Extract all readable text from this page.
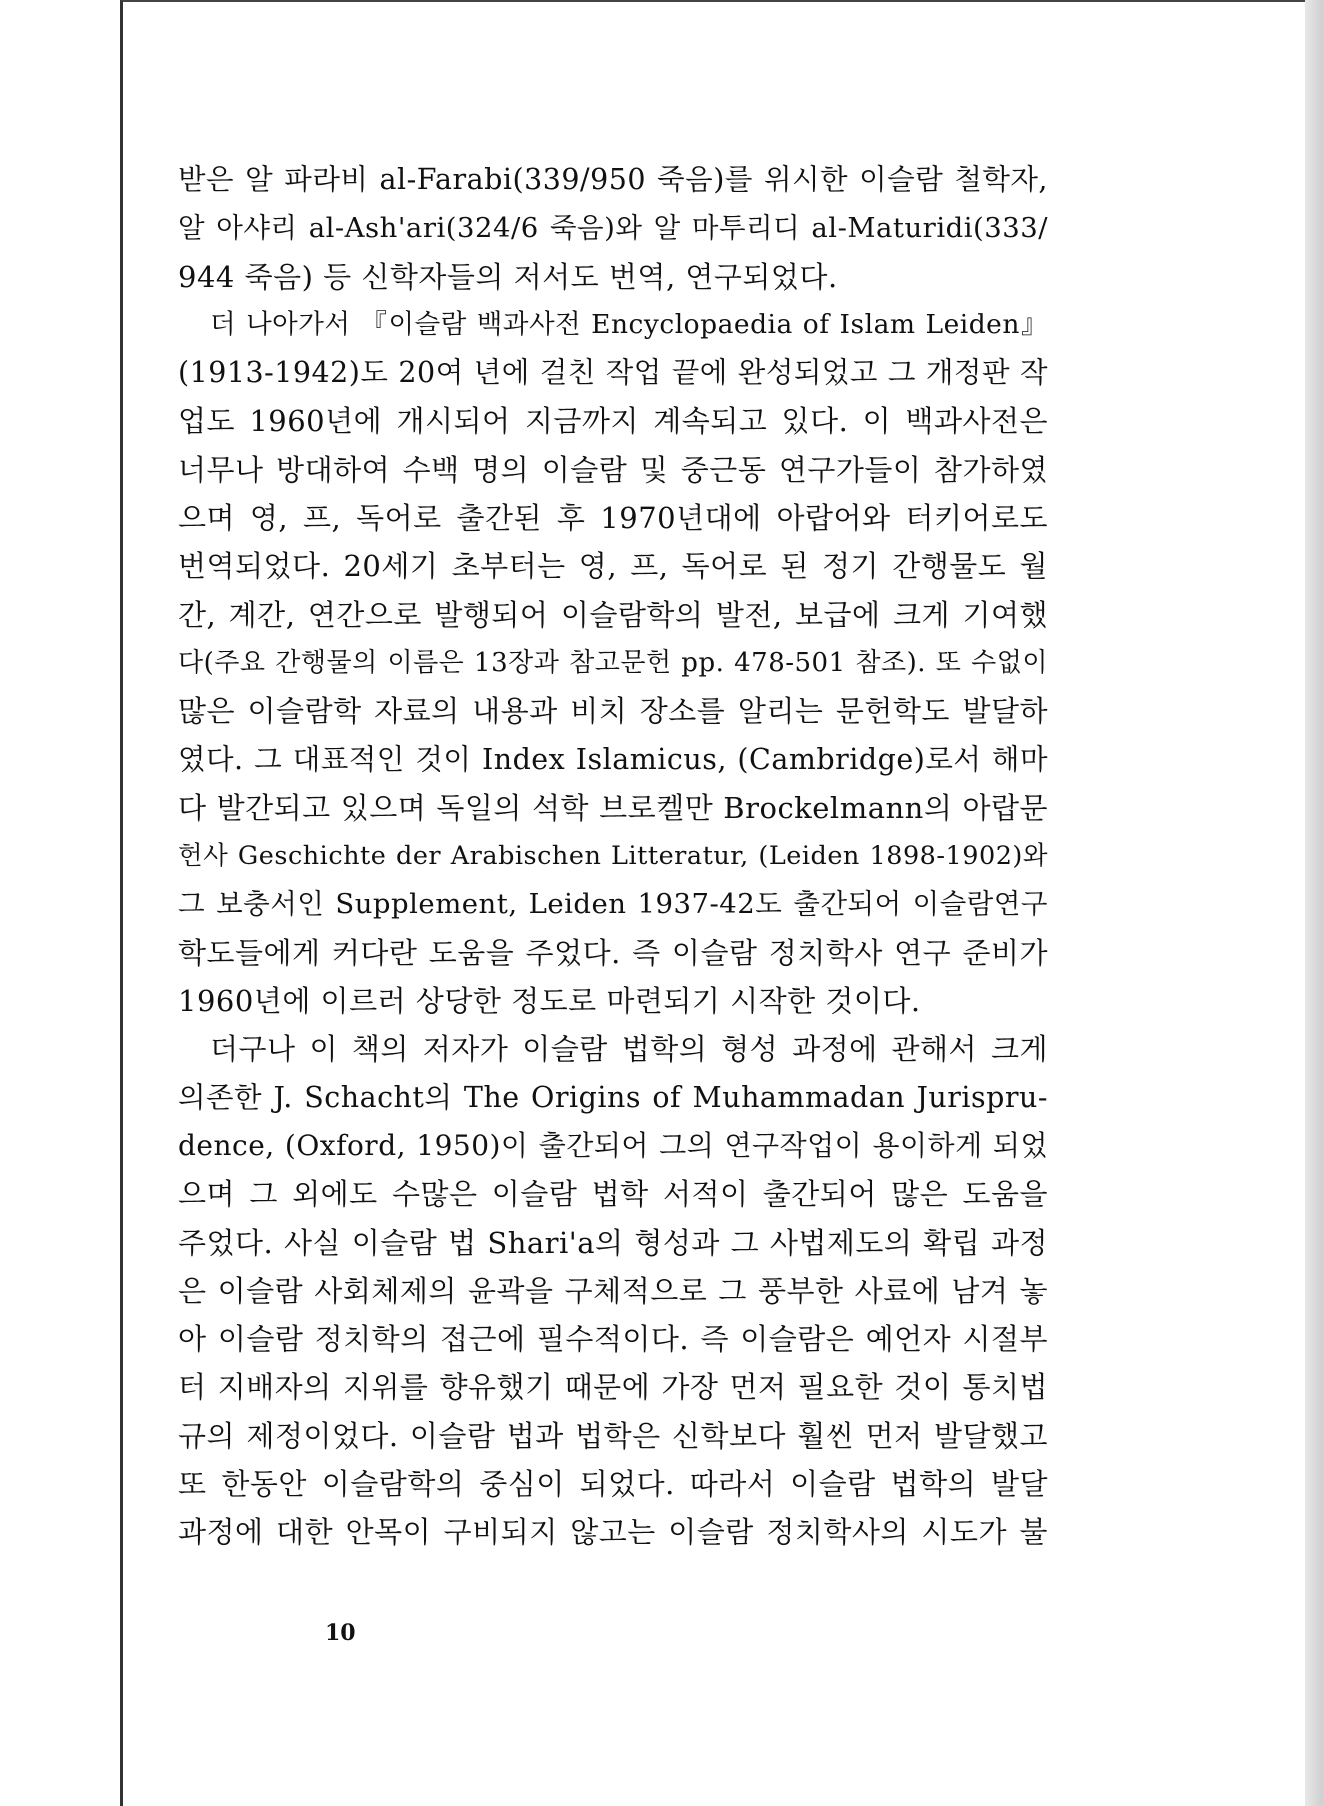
받은 알 파라비 al-Farabi(339/950 죽음)를 위시한 이슬람 철학자,
알 아샤리 al-Ash'ari(324/6 죽음)와 알 마투리디 al-Maturidi(333/
944 죽음) 등 신학자들의 저서도 번역, 연구되었다.
더 나아가서 『이슬람 백과사전 Encyclopaedia of Islam Leiden』
(1913-1942)도 20여 년에 걸친 작업 끝에 완성되었고 그 개정판 작
업도 1960년에 개시되어 지금까지 계속되고 있다. 이 백과사전은
너무나 방대하여 수백 명의 이슬람 및 중근동 연구가들이 참가하였
으며 영, 프, 독어로 출간된 후 1970년대에 아랍어와 터키어로도
번역되었다. 20세기 초부터는 영, 프, 독어로 된 정기 간행물도 월
간, 계간, 연간으로 발행되어 이슬람학의 발전, 보급에 크게 기여했
다(주요 간행물의 이름은 13장과 참고문헌 pp. 478-501 참조). 또 수없이
많은 이슬람학 자료의 내용과 비치 장소를 알리는 문헌학도 발달하
였다. 그 대표적인 것이 Index Islamicus, (Cambridge)로서 해마
다 발간되고 있으며 독일의 석학 브로켈만 Brockelmann의 아랍문
헌사 Geschichte der Arabischen Litteratur, (Leiden 1898-1902)와
그 보충서인 Supplement, Leiden 1937-42도 출간되어 이슬람연구
학도들에게 커다란 도움을 주었다. 즉 이슬람 정치학사 연구 준비가
1960년에 이르러 상당한 정도로 마련되기 시작한 것이다.
더구나 이 책의 저자가 이슬람 법학의 형성 과정에 관해서 크게
의존한 J. Schacht의 The Origins of Muhammadan Jurispru-
dence, (Oxford, 1950)이 출간되어 그의 연구작업이 용이하게 되었
으며 그 외에도 수많은 이슬람 법학 서적이 출간되어 많은 도움을
주었다. 사실 이슬람 법 Shari'a의 형성과 그 사법제도의 확립 과정
은 이슬람 사회체제의 윤곽을 구체적으로 그 풍부한 사료에 남겨 놓
아 이슬람 정치학의 접근에 필수적이다. 즉 이슬람은 예언자 시절부
터 지배자의 지위를 향유했기 때문에 가장 먼저 필요한 것이 통치법
규의 제정이었다. 이슬람 법과 법학은 신학보다 훨씬 먼저 발달했고
또 한동안 이슬람학의 중심이 되었다. 따라서 이슬람 법학의 발달
과정에 대한 안목이 구비되지 않고는 이슬람 정치학사의 시도가 불
10
